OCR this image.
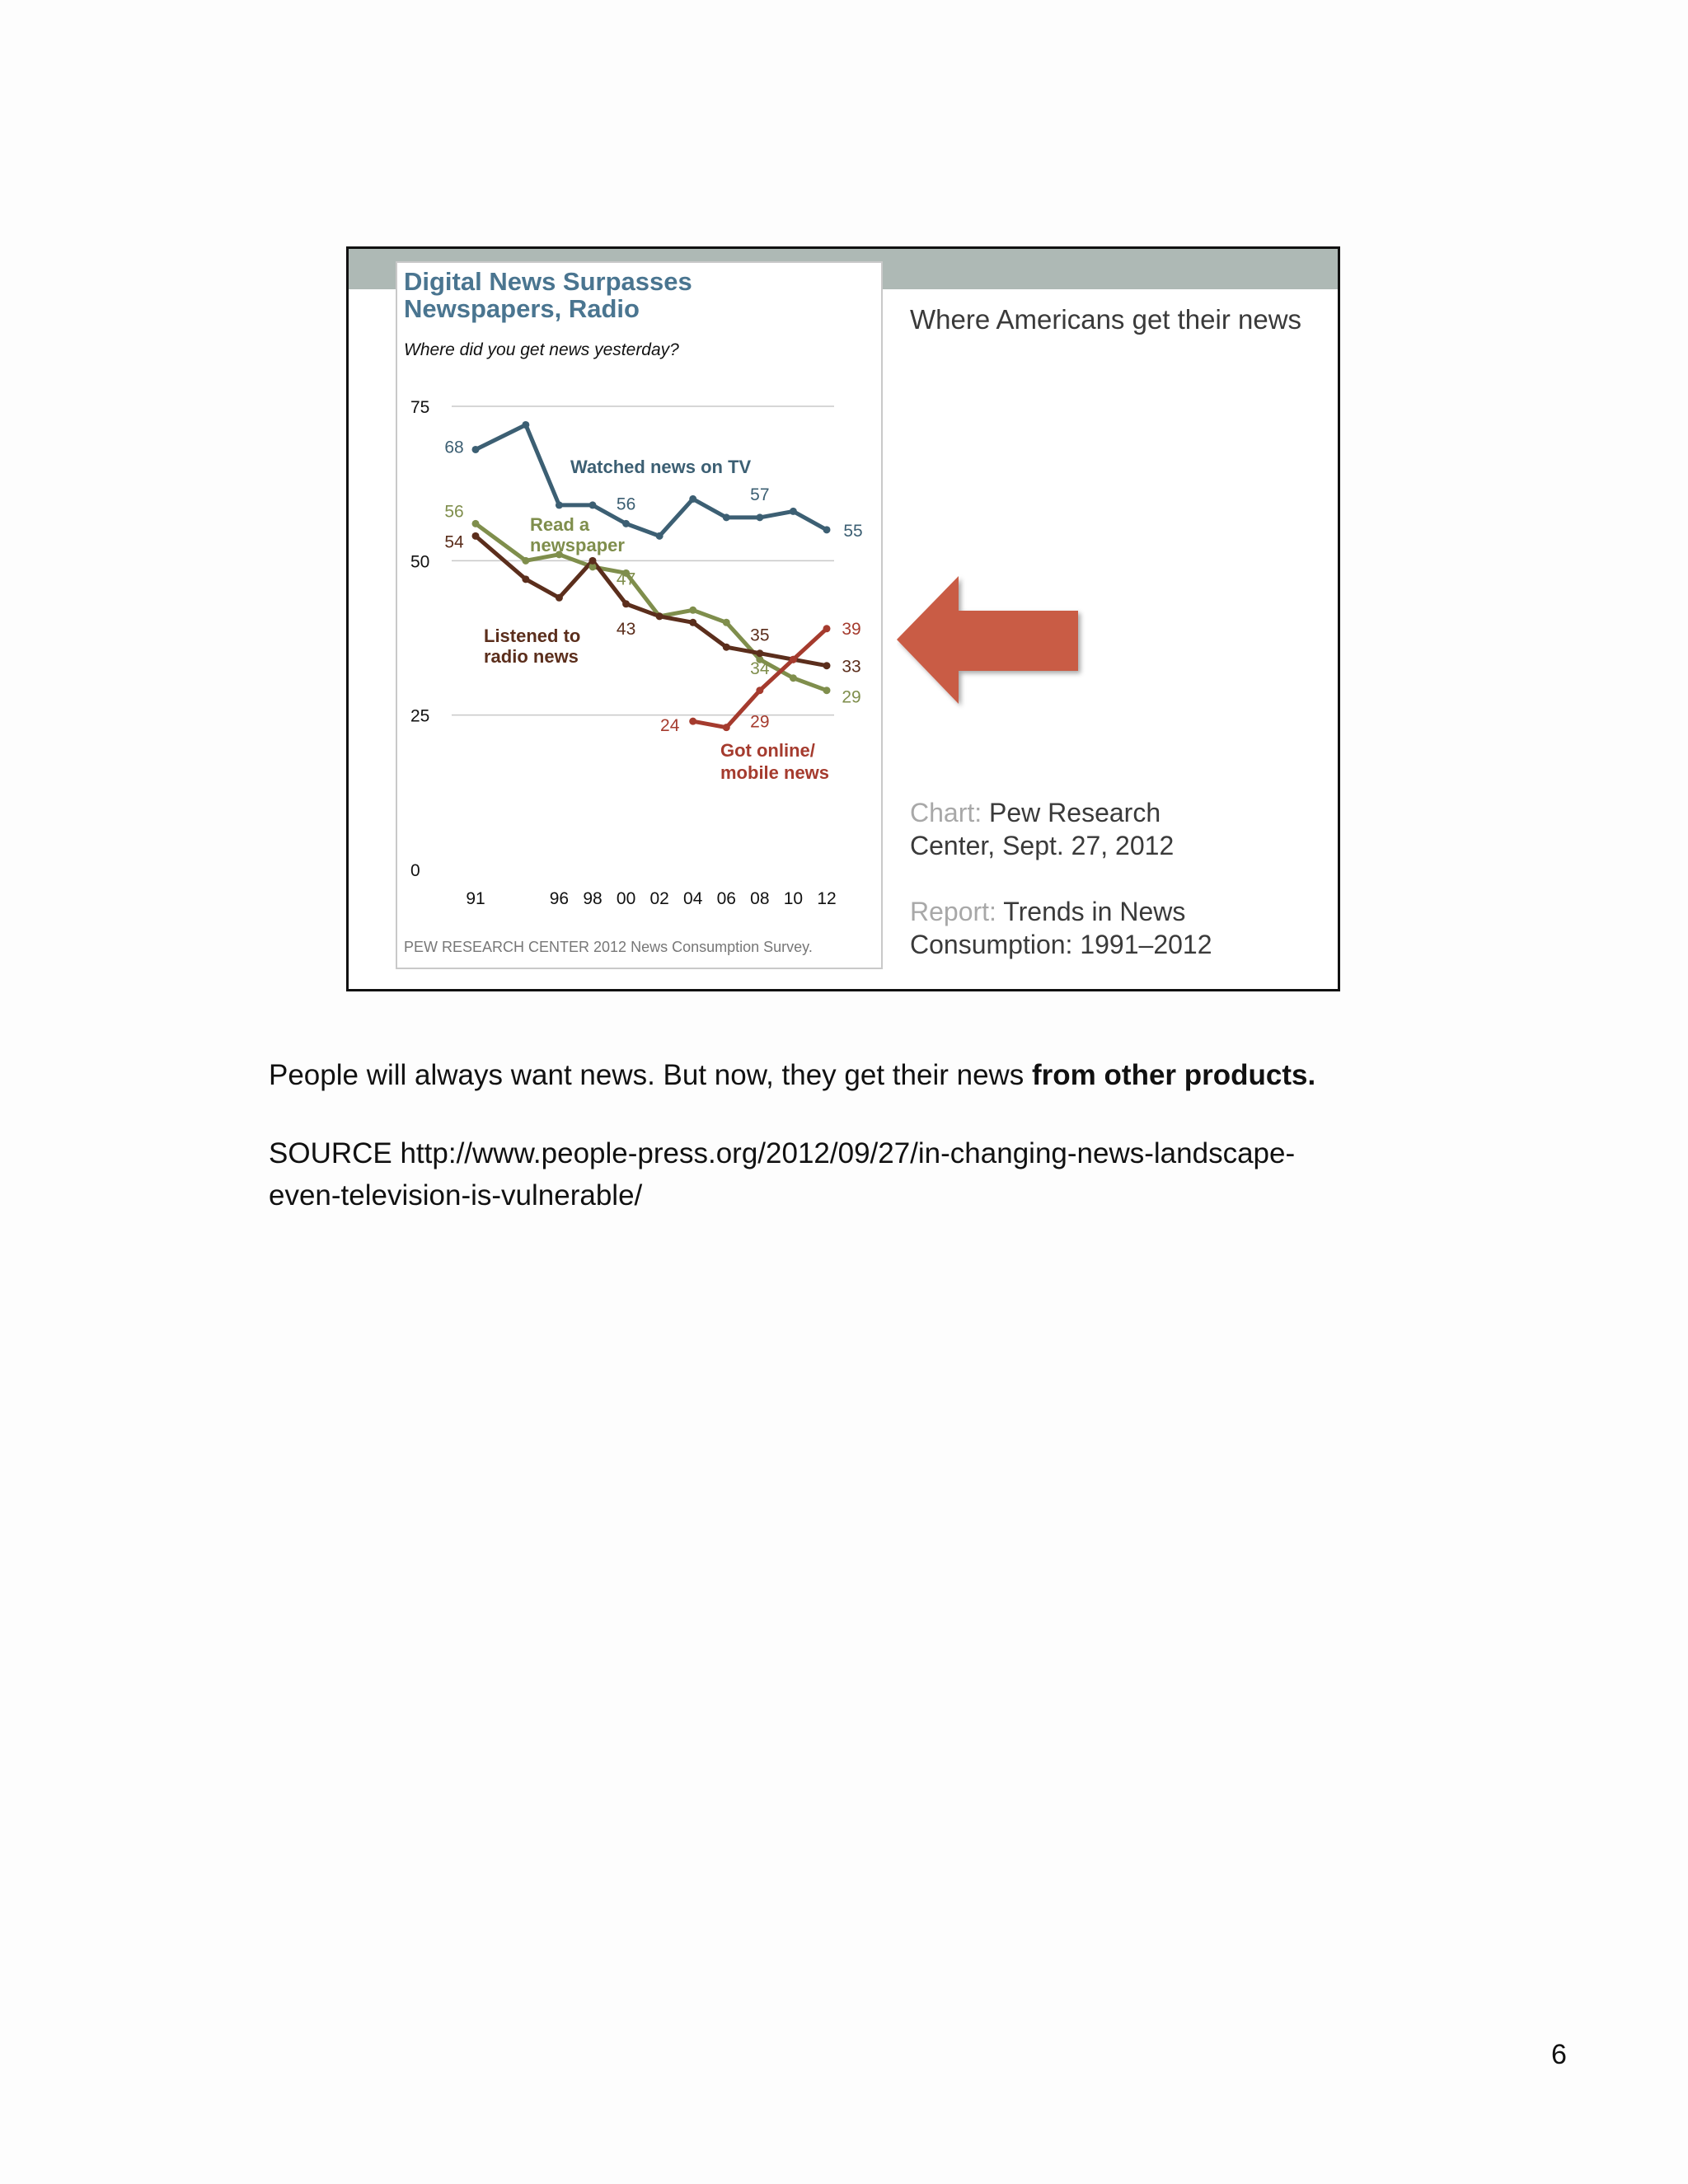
Digital News Surpasses
Newspapers, Radio
Where did you get news yesterday?
0
25
50
75
91	96 98 00 02 04 06 08 10 12
68
56	57
55
56
47
34
29
54
43	35
33
24	29
39
Watched news on TV
Read a
newspaper
Listened to
radio news
Got online/
mobile news
PEW RESEARCH CENTER 2012 News Consumption Survey.
Where Americans get their news
Chart: Pew Research
Center, Sept. 27, 2012
Report: Trends in News
Consumption: 1991–2012
People will always want news. But now, they get their news from other products.
SOURCE http://www.people-press.org/2012/09/27/in-changing-news-landscape-
even-television-is-vulnerable/
6
